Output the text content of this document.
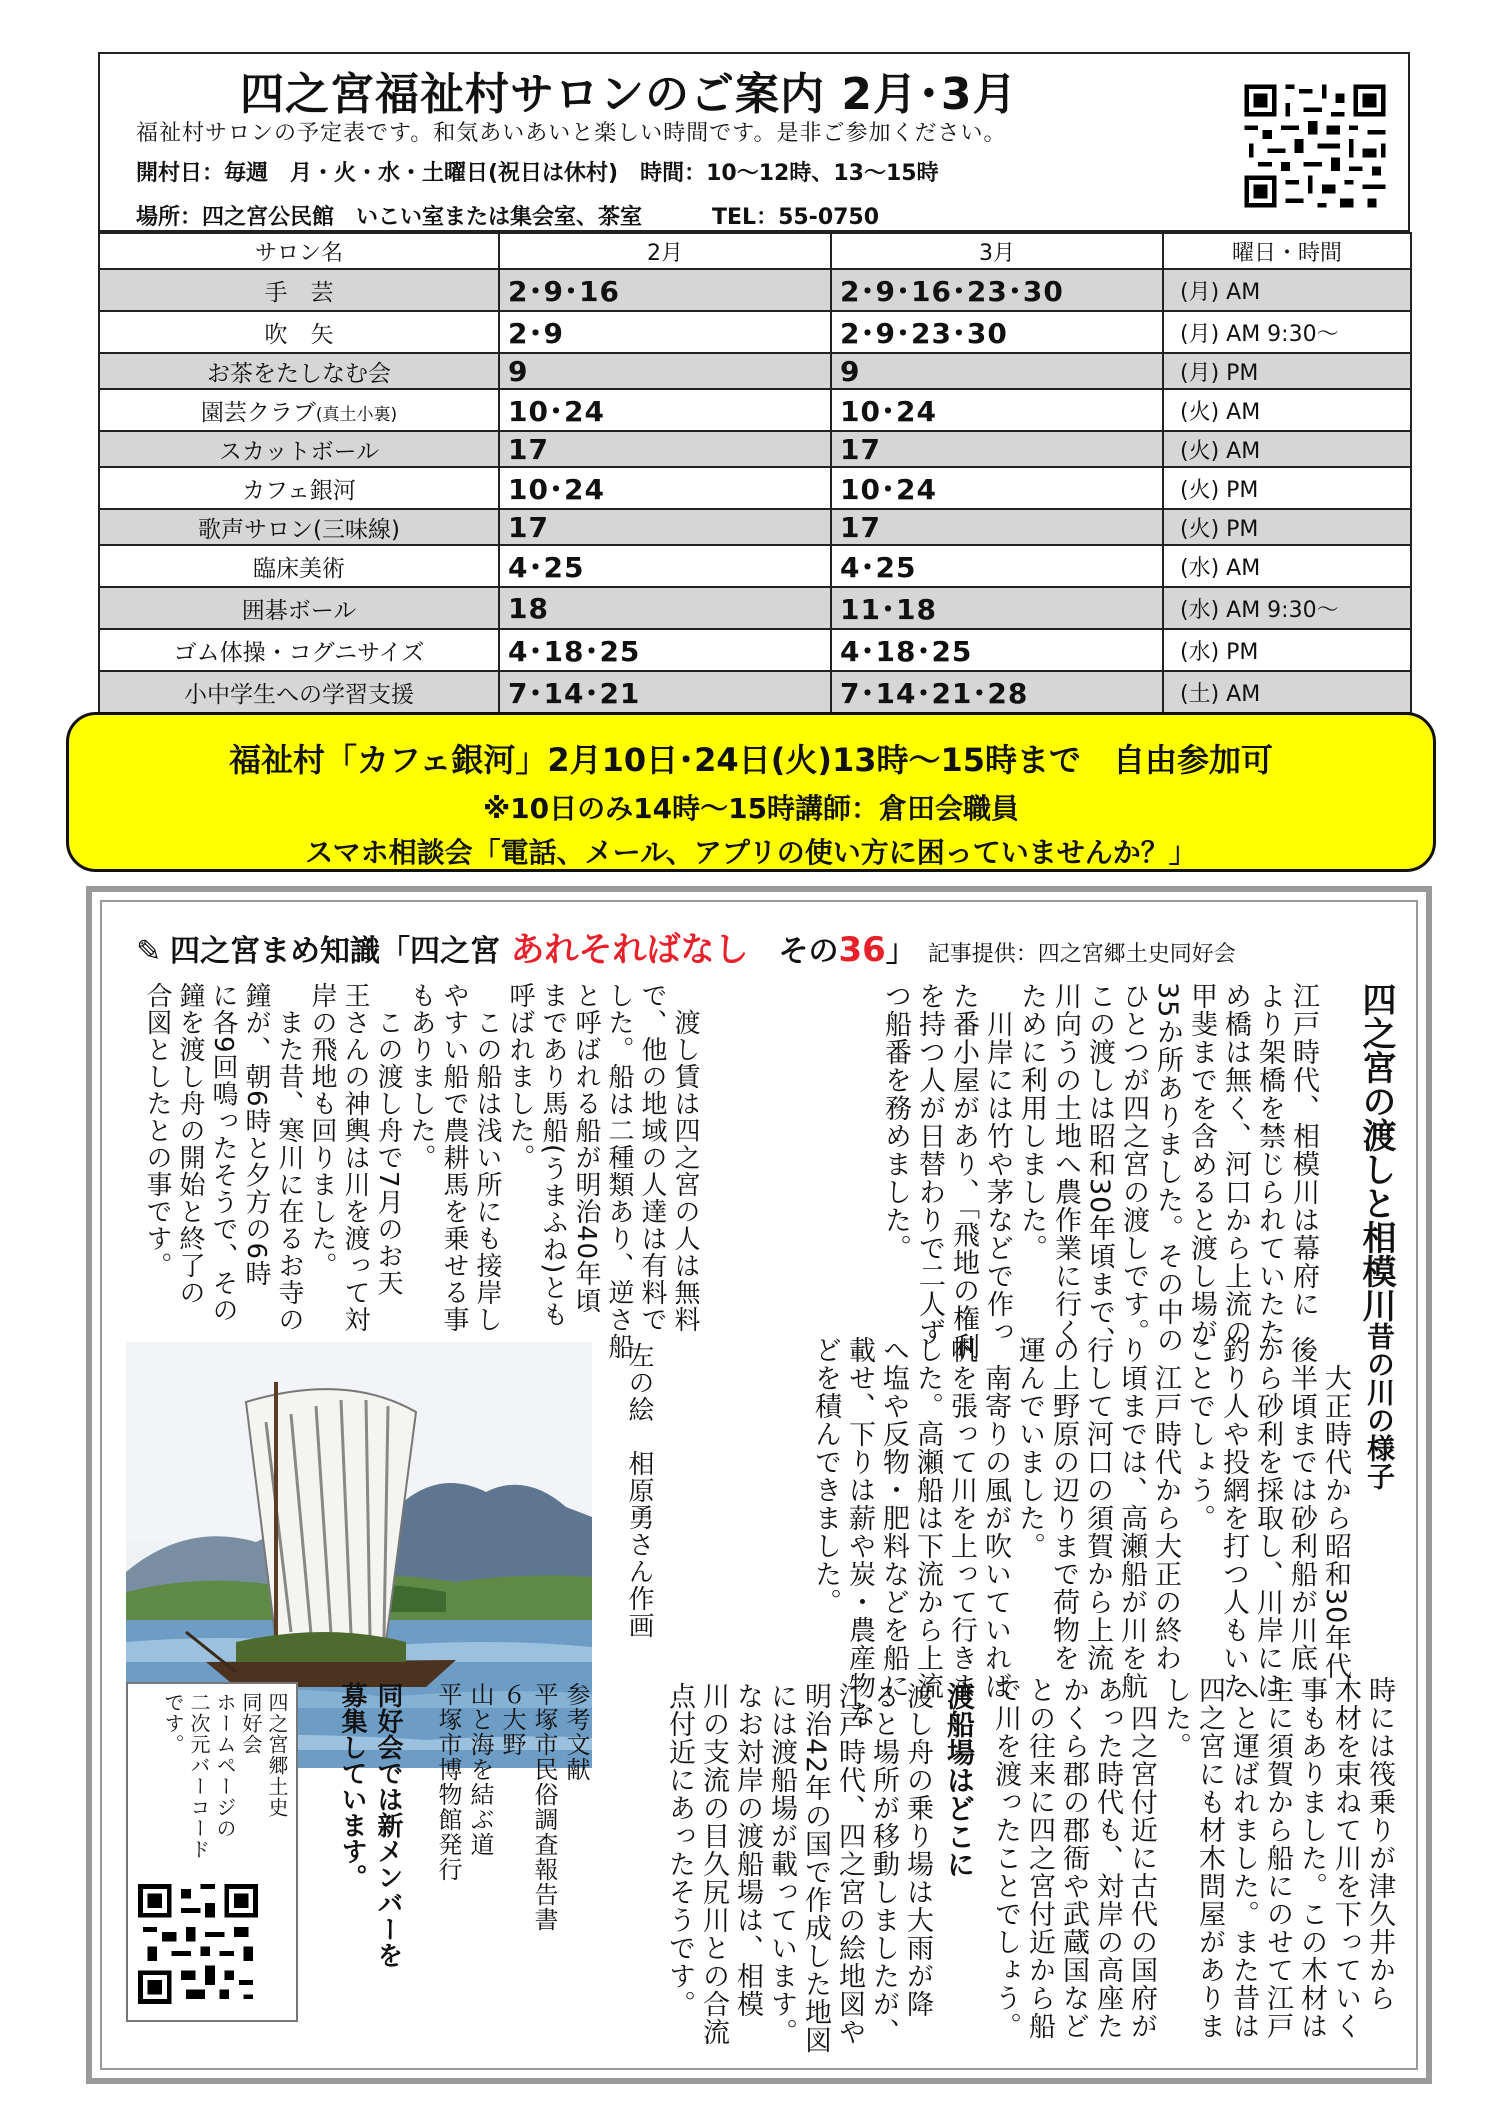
四之宮福祉村サロンのご案内 2月･3月
福祉村サロンの予定表です。和気あいあいと楽しい時間です。是非ご参加ください。
開村日：毎週　月・火・水・土曜日(祝日は休村)　時間：10～12時、13～15時
場所：四之宮公民館　いこい室または集会室、茶室	TEL：55-0750
サロン名	2月	3月	曜日・時間
手　芸	2･9･16	2･9･16･23･30	(月) AM
吹　矢	2･9	2･9･23･30	(月) AM 9:30～
お茶をたしなむ会	9	9	(月) PM
園芸クラブ(真土小裏)	10･24	10･24	(火) AM
スカットボール	17	17	(火) AM
カフェ銀河	10･24	10･24	(火) PM
歌声サロン(三味線)	17	17	(火) PM
臨床美術	4･25	4･25	(水) AM
囲碁ボール	18	11･18	(水) AM 9:30～
ゴム体操・コグニサイズ	4･18･25	4･18･25	(水) PM
小中学生への学習支援	7･14･21	7･14･21･28	(土) AM
福祉村「カフェ銀河」2月10日･24日(火)13時～15時まで　自由参加可
※10日のみ14時～15時講師：倉田会職員
スマホ相談会「電話、メール、アプリの使い方に困っていませんか？」
✎ 四之宮まめ知識「四之宮 あれそればなし　 その36」 記事提供：四之宮郷土史同好会
四之宮の渡しと相模川
江戸時代、相模川は幕府に
より架橋を禁じられていたた
め橋は無く、河口から上流の
甲斐までを含めると渡し場が
35か所ありました。その中の
ひとつが四之宮の渡しです。
この渡しは昭和30年頃まで、
川向うの土地へ農作業に行く
ために利用しました。
　川岸には竹や茅などで作っ
た番小屋があり、「飛地の権利
を持つ人が日替わりで二人ず
つ船番を務めました。

　渡し賃は四之宮の人は無料
で、他の地域の人達は有料で
した。船は二種類あり、逆さ船
と呼ばれる船が明治40年頃
まであり馬船(うまふね)とも
呼ばれました。
　この船は浅い所にも接岸し
やすい船で農耕馬を乗せる事
もありました。
　この渡し舟で7月のお天
王さんの神輿は川を渡って対
岸の飛地も回りました。
　また昔、寒川に在るお寺の
鐘が、朝6時と夕方の6時
に各9回鳴ったそうで、その
鐘を渡し舟の開始と終了の
合図としたとの事です。

昔の川の様子
　大正時代から昭和30年代
後半頃までは砂利船が川底
から砂利を採取し、川岸には
釣り人や投網を打つ人もいた
ことでしょう。
　江戸時代から大正の終わ
り頃までは、高瀬船が川を航
行して河口の須賀から上流
の上野原の辺りまで荷物を
運んでいました。
　南寄りの風が吹いていれば
帆を張って川を上って行きま
した。高瀬船は下流から上流
へ塩や反物・肥料などを船に
載せ、下りは薪や炭・農産物な
どを積んできました。

左の絵　相原勇さん作画
時には筏乗りが津久井から
木材を束ねて川を下っていく
事もありました。この木材は
主に須賀から船にのせて江戸
へと運ばれました。また昔は
四之宮にも材木問屋がありま
した。
　四之宮付近に古代の国府が
あった時代も、対岸の高座た
かくら郡の郡衙や武蔵国など
との往来に四之宮付近から船
で川を渡ったことでしょう。

渡船場はどこに
渡し舟の乗り場は大雨が降
ると場所が移動しましたが、
江戸時代、四之宮の絵地図や
明治42年の国で作成した地図
には渡船場が載っています。
なお対岸の渡船場は、相模
川の支流の目久尻川との合流
点付近にあったそうです。

参考文献
平塚市民俗調査報告書
６大野
山と海を結ぶ道
平塚市博物館発行

同好会では新メンバーを
募集しています。

四之宮郷土史
同好会
ホームページの
二次元バーコード
です。
